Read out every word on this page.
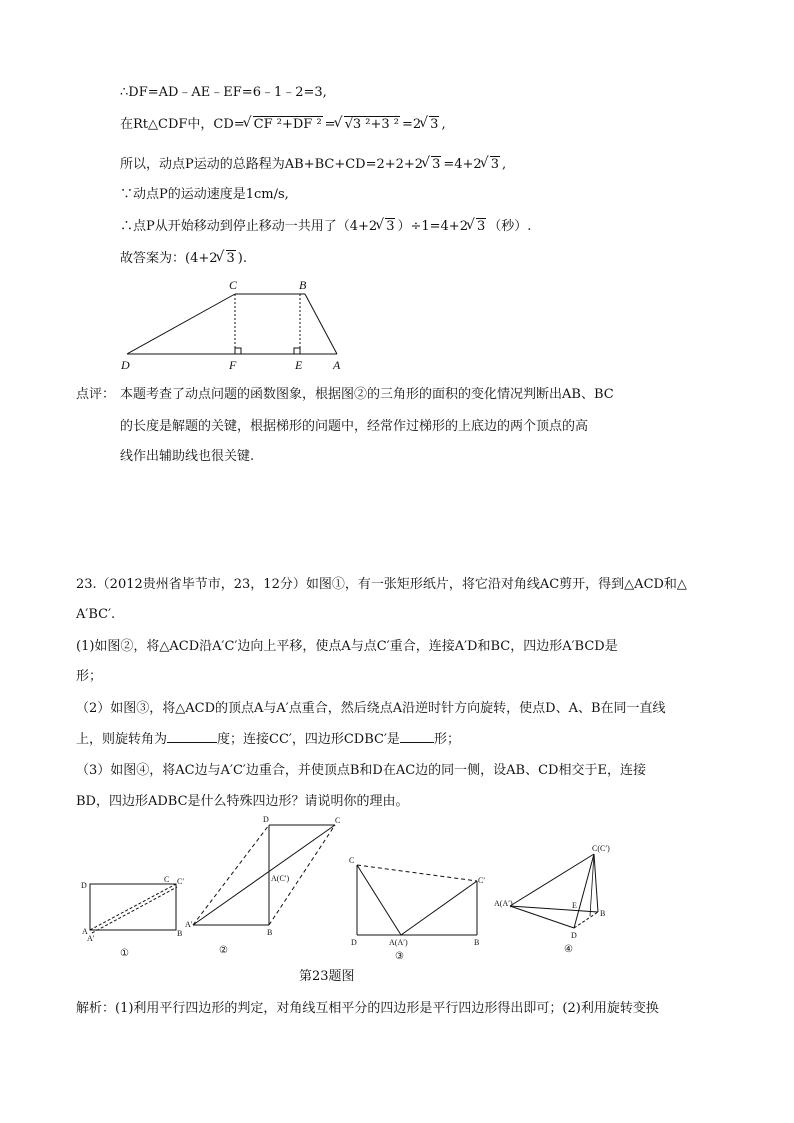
∴DF=AD﹣AE﹣EF=6﹣1﹣2=3,
在Rt△CDF中，CD= √ CF ²+DF ² = √ √3 ²+3 ² =2 √ 3 ,
所以，动点P运动的总路程为AB+BC+CD=2+2+2 √ 3 =4+2 √ 3 ,
∵动点P的运动速度是1cm/s,
∴点P从开始移动到停止移动一共用了（4+2 √ 3 ）÷1=4+2 √ 3 （秒）.
故答案为：(4+2 √ 3 ).
C	B
D	F	E	A
点评： 本题考查了动点问题的函数图象，根据图②的三角形的面积的变化情况判断出AB、BC
的长度是解题的关键，根据梯形的问题中，经常作过梯形的上底边的两个顶点的高
线作出辅助线也很关键.
23.（2012贵州省毕节市，23，12分）如图①，有一张矩形纸片，将它沿对角线AC剪开，得到△ACD和△
A′BC′.
(1)如图②，将△ACD沿A′C′边向上平移，使点A与点C′重合，连接A′D和BC，四边形A′BCD是
形；
（2）如图③，将△ACD的顶点A与A′点重合，然后绕点A沿逆时针方向旋转，使点D、A、B在同一直线
上，则旋转角为	度；连接CC′，四边形CDBC′是	形；
（3）如图④，将AC边与A′C′边重合，并使顶点B和D在AC边的同一侧，设AB、CD相交于E，连接
BD，四边形ADBC是什么特殊四边形？请说明你的理由。
D
C C′
A
A′
B
①
D	C
A(C′)
A′
B
②
C
C′
D	A(A′)	B
③
C(C′)
A(A′)	E
B
D
④
第23题图
解析：(1)利用平行四边形的判定，对角线互相平分的四边形是平行四边形得出即可；(2)利用旋转变换
